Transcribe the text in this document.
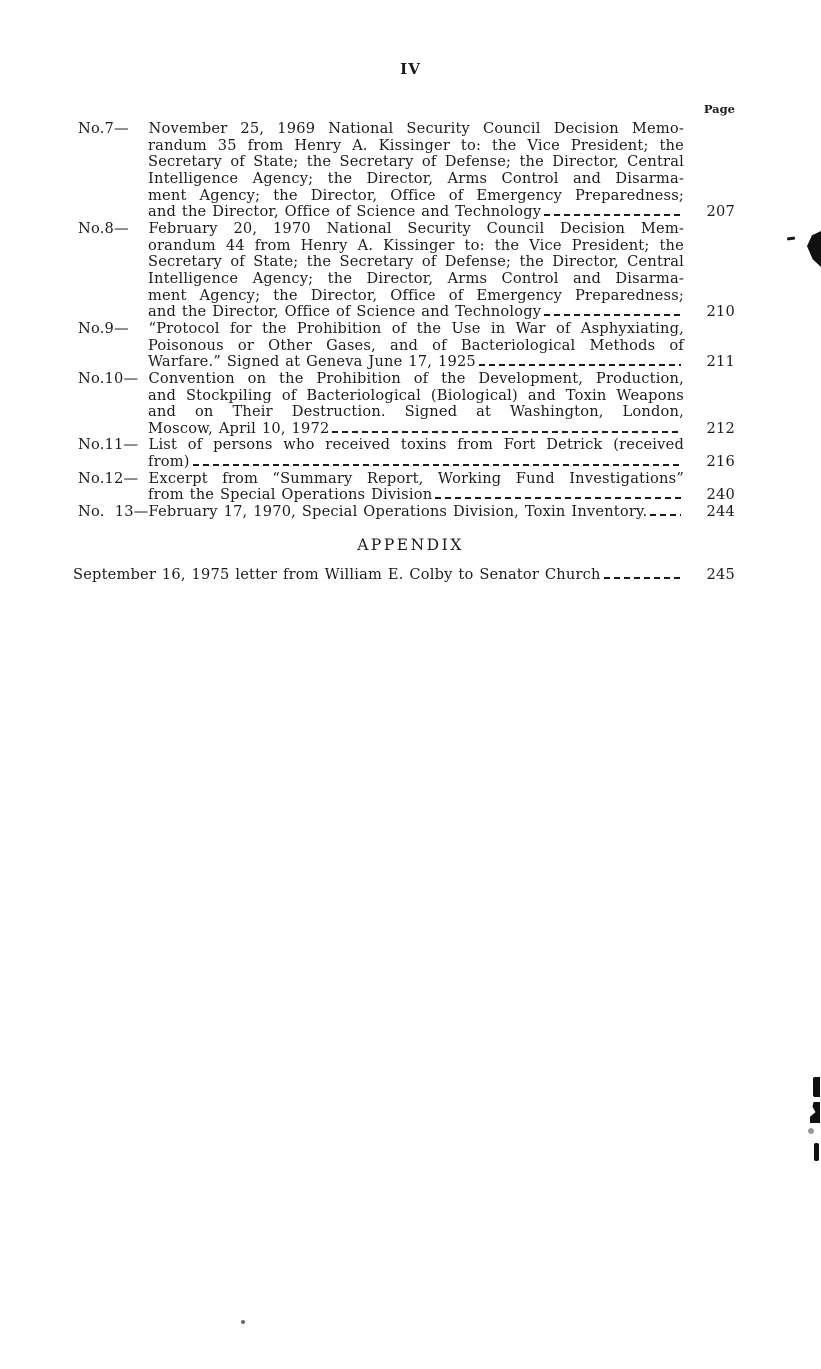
IV
Page
No.7— November 25, 1969 National Security Council Decision Memo-
randum 35 from Henry A. Kissinger to: the Vice President; the
Secretary of State; the Secretary of Defense; the Director, Central
Intelligence Agency; the Director, Arms Control and Disarma-
ment Agency; the Director, Office of Emergency Preparedness;
and the Director, Office of Science and Technology	207
No.8— February 20, 1970 National Security Council Decision Mem-
orandum 44 from Henry A. Kissinger to: the Vice President; the
Secretary of State; the Secretary of Defense; the Director, Central
Intelligence Agency; the Director, Arms Control and Disarma-
ment Agency; the Director, Office of Emergency Preparedness;
and the Director, Office of Science and Technology	210
No.9— “Protocol for the Prohibition of the Use in War of Asphyxiating,
Poisonous or Other Gases, and of Bacteriological Methods of
Warfare.” Signed at Geneva June 17, 1925	211
No.10— Convention on the Prohibition of the Development, Production,
and Stockpiling of Bacteriological (Biological) and Toxin Weapons
and on Their Destruction. Signed at Washington, London,
Moscow, April 10, 1972	212
No.11— List of persons who received toxins from Fort Detrick (received
from)	216
No.12— Excerpt from “Summary Report, Working Fund Investigations”
from the Special Operations Division	240
No. 13— February 17, 1970, Special Operations Division, Toxin Inventory.	244
APPENDIX
September 16, 1975 letter from William E. Colby to Senator Church	245
